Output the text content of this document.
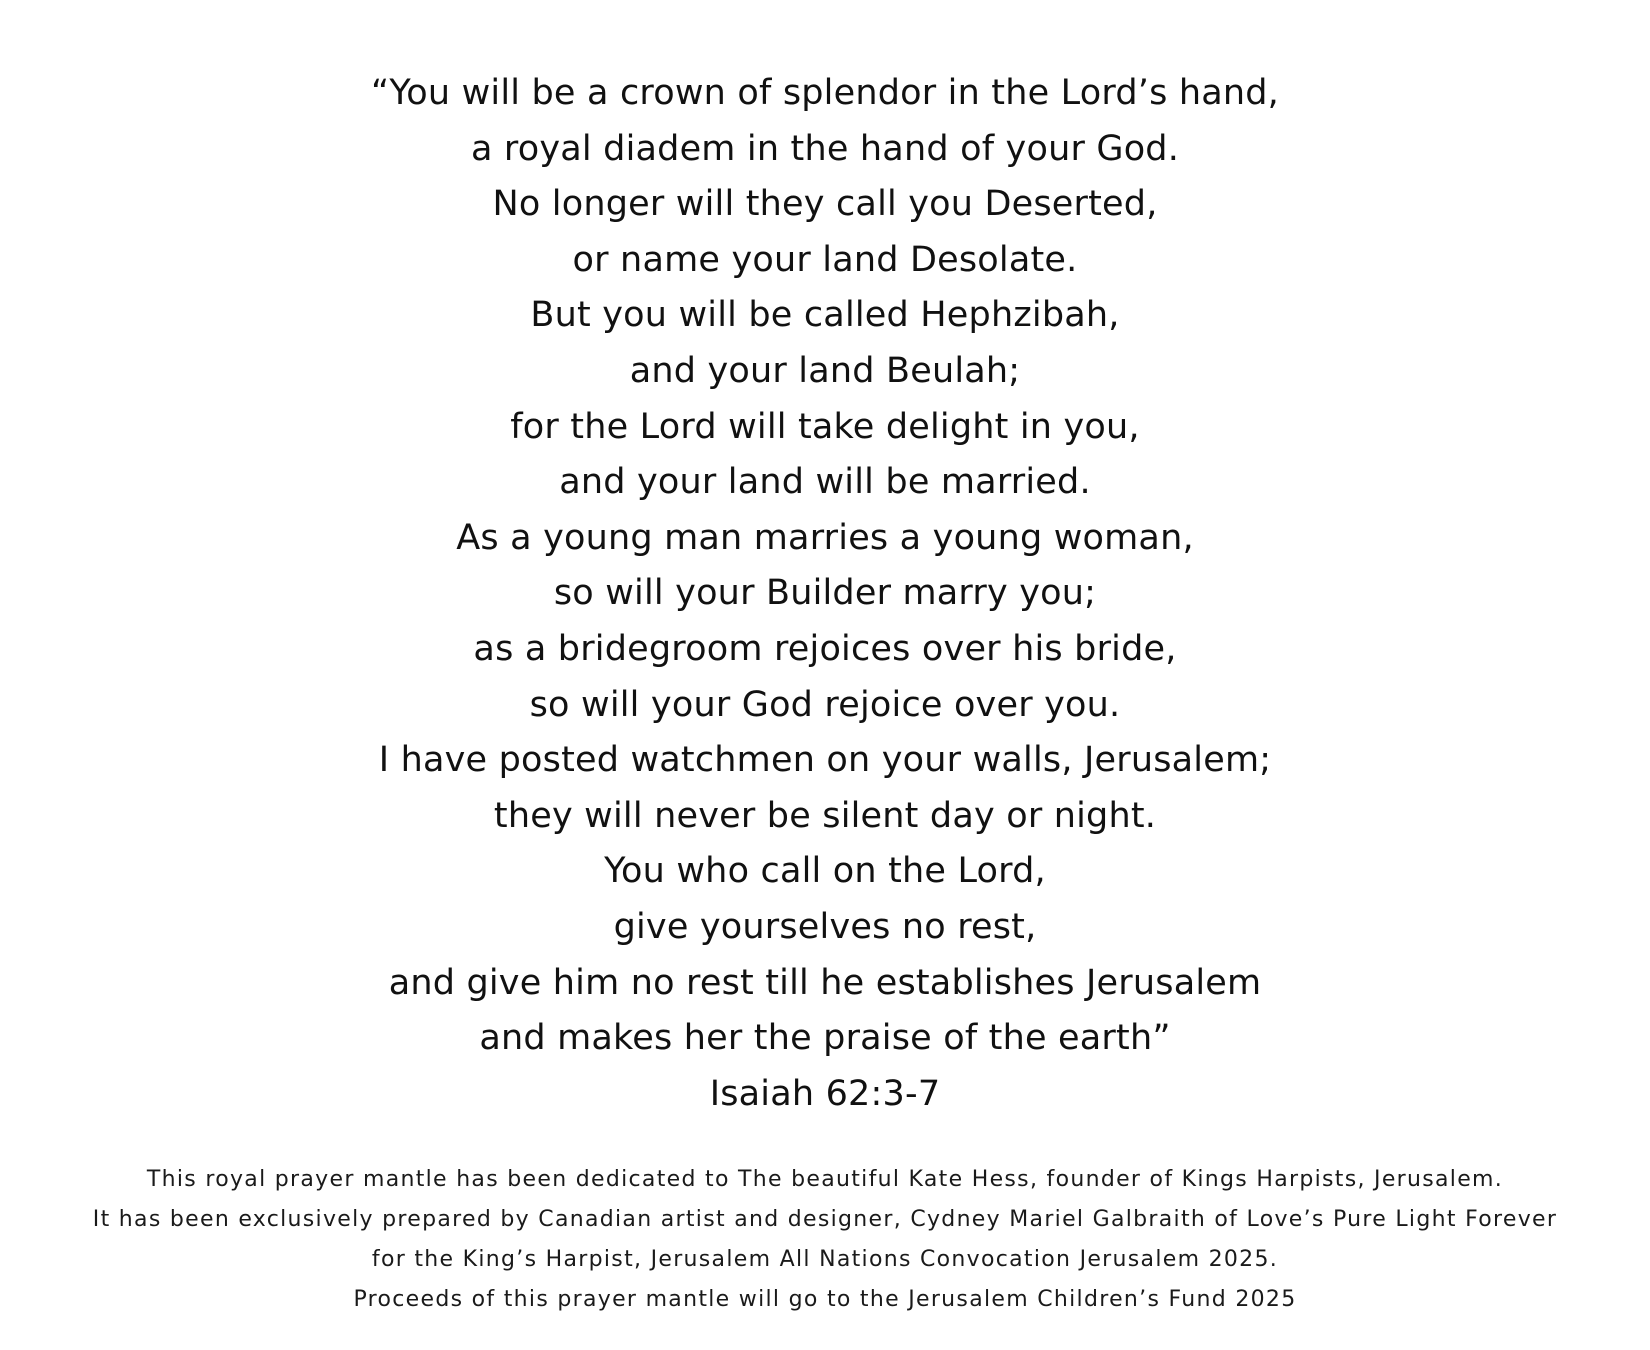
“You will be a crown of splendor in the Lord’s hand,
a royal diadem in the hand of your God.
No longer will they call you Deserted,
or name your land Desolate.
But you will be called Hephzibah,
and your land Beulah;
for the Lord will take delight in you,
and your land will be married.
As a young man marries a young woman,
so will your Builder marry you;
as a bridegroom rejoices over his bride,
so will your God rejoice over you.
I have posted watchmen on your walls, Jerusalem;
they will never be silent day or night.
You who call on the Lord,
give yourselves no rest,
and give him no rest till he establishes Jerusalem
and makes her the praise of the earth”
Isaiah 62:3-7
This royal prayer mantle has been dedicated to The beautiful Kate Hess, founder of Kings Harpists, Jerusalem.
It has been exclusively prepared by Canadian artist and designer, Cydney Mariel Galbraith of Love’s Pure Light Forever
for the King’s Harpist, Jerusalem All Nations Convocation Jerusalem 2025.
Proceeds of this prayer mantle will go to the Jerusalem Children’s Fund 2025
